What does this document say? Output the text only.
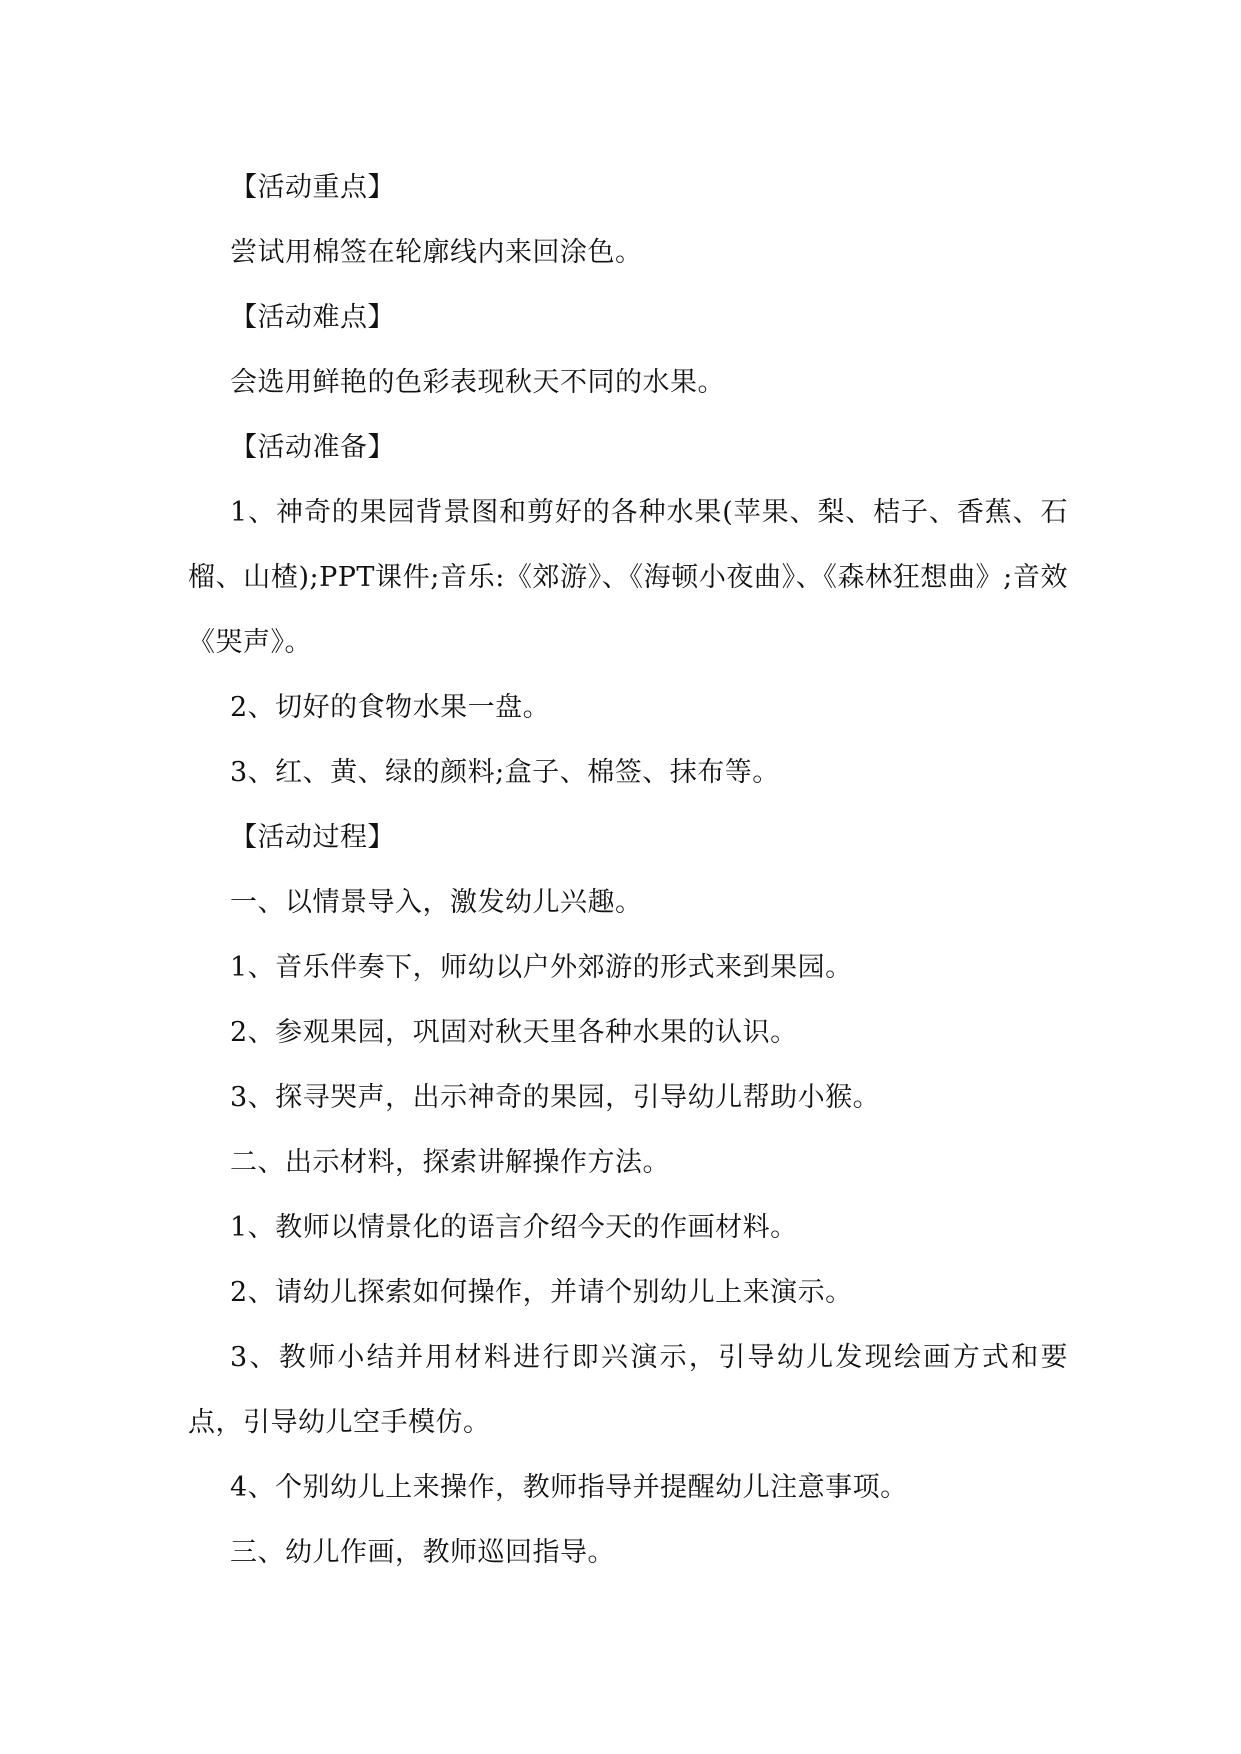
【活动重点】
尝试用棉签在轮廓线内来回涂色。
【活动难点】
会选用鲜艳的色彩表现秋天不同的水果。
【活动准备】
1、神奇的果园背景图和剪好的各种水果(苹果、梨、桔子、香蕉、石榴、山楂);PPT课件;音乐:《郊游》、《海顿小夜曲》、《森林狂想曲》;音效《哭声》。
2、切好的食物水果一盘。
3、红、黄、绿的颜料;盒子、棉签、抹布等。
【活动过程】
一、以情景导入，激发幼儿兴趣。
1、音乐伴奏下，师幼以户外郊游的形式来到果园。
2、参观果园，巩固对秋天里各种水果的认识。
3、探寻哭声，出示神奇的果园，引导幼儿帮助小猴。
二、出示材料，探索讲解操作方法。
1、教师以情景化的语言介绍今天的作画材料。
2、请幼儿探索如何操作，并请个别幼儿上来演示。
3、教师小结并用材料进行即兴演示，引导幼儿发现绘画方式和要点，引导幼儿空手模仿。
4、个别幼儿上来操作，教师指导并提醒幼儿注意事项。
三、幼儿作画，教师巡回指导。
